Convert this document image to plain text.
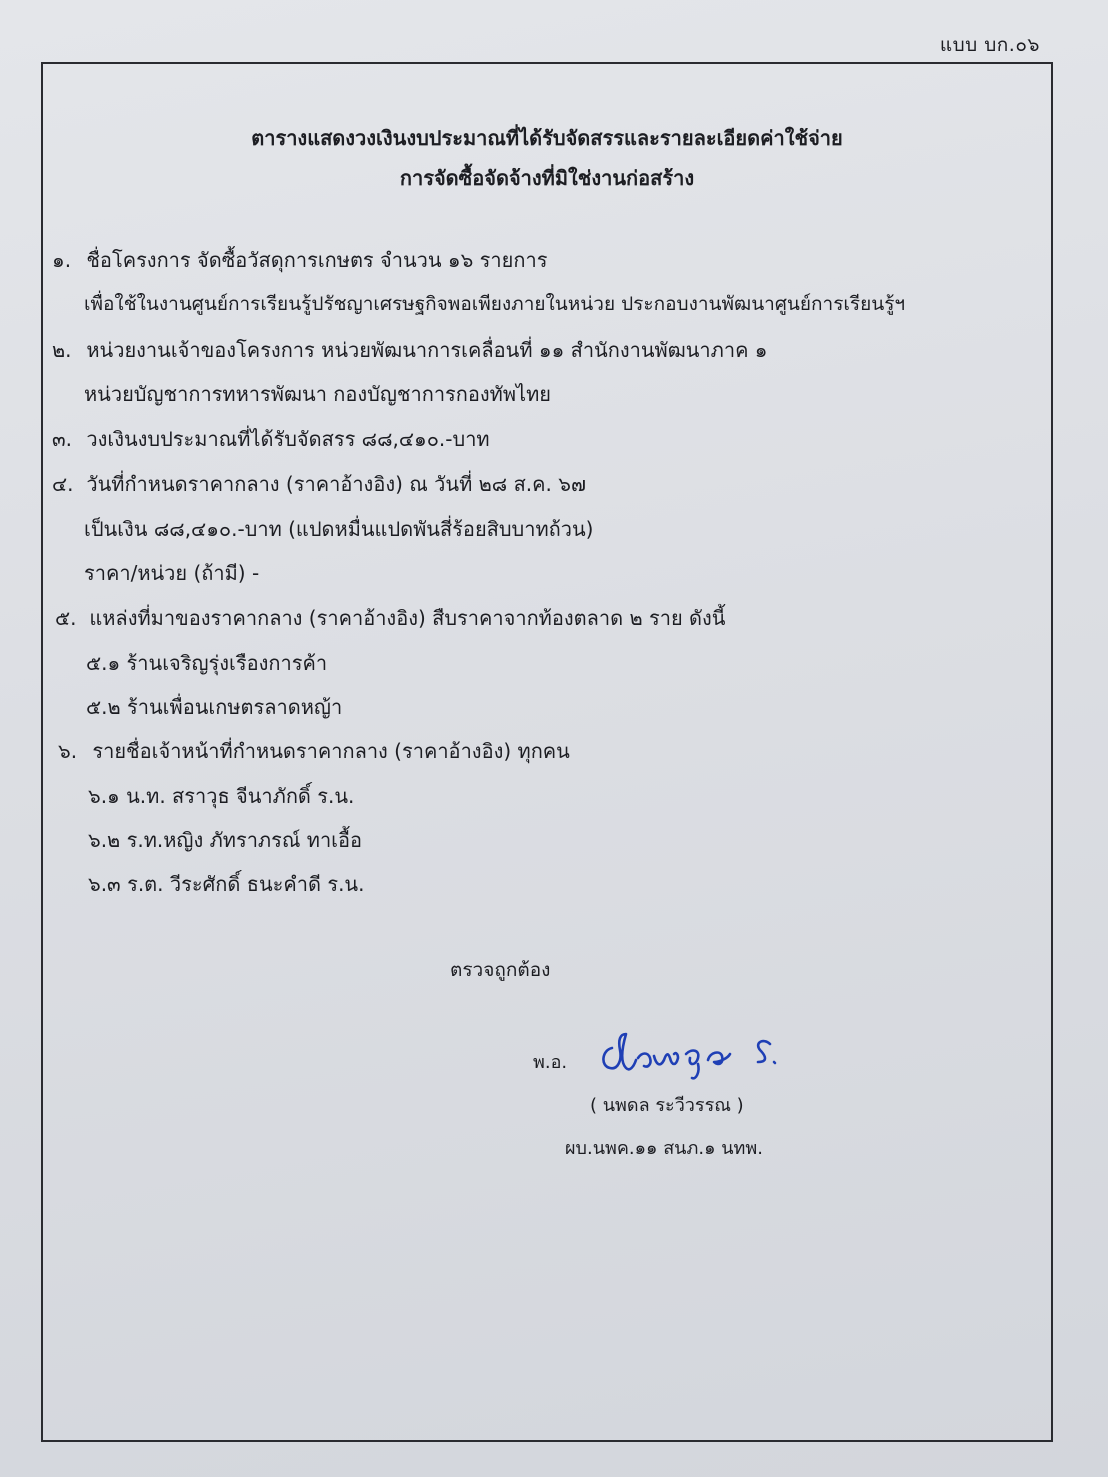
แบบ บก.๐๖
ตารางแสดงวงเงินงบประมาณที่ได้รับจัดสรรและรายละเอียดค่าใช้จ่าย
การจัดซื้อจัดจ้างที่มิใช่งานก่อสร้าง
๑. ชื่อโครงการ จัดซื้อวัสดุการเกษตร จำนวน ๑๖ รายการ
เพื่อใช้ในงานศูนย์การเรียนรู้ปรัชญาเศรษฐกิจพอเพียงภายในหน่วย ประกอบงานพัฒนาศูนย์การเรียนรู้ฯ
๒. หน่วยงานเจ้าของโครงการ หน่วยพัฒนาการเคลื่อนที่ ๑๑ สำนักงานพัฒนาภาค ๑
หน่วยบัญชาการทหารพัฒนา กองบัญชาการกองทัพไทย
๓. วงเงินงบประมาณที่ได้รับจัดสรร ๘๘,๔๑๐.-บาท
๔. วันที่กำหนดราคากลาง (ราคาอ้างอิง) ณ วันที่ ๒๘ ส.ค. ๖๗
เป็นเงิน ๘๘,๔๑๐.-บาท (แปดหมื่นแปดพันสี่ร้อยสิบบาทถ้วน)
ราคา/หน่วย (ถ้ามี) -
๕. แหล่งที่มาของราคากลาง (ราคาอ้างอิง) สืบราคาจากท้องตลาด ๒ ราย ดังนี้
๕.๑ ร้านเจริญรุ่งเรืองการค้า
๕.๒ ร้านเพื่อนเกษตรลาดหญ้า
๖. รายชื่อเจ้าหน้าที่กำหนดราคากลาง (ราคาอ้างอิง) ทุกคน
๖.๑ น.ท. สราวุธ จีนาภักดิ์ ร.น.
๖.๒ ร.ท.หญิง ภัทราภรณ์ ทาเอื้อ
๖.๓ ร.ต. วีระศักดิ์ ธนะคำดี ร.น.
ตรวจถูกต้อง
พ.อ.
( นพดล ระวีวรรณ )
ผบ.นพค.๑๑ สนภ.๑ นทพ.
